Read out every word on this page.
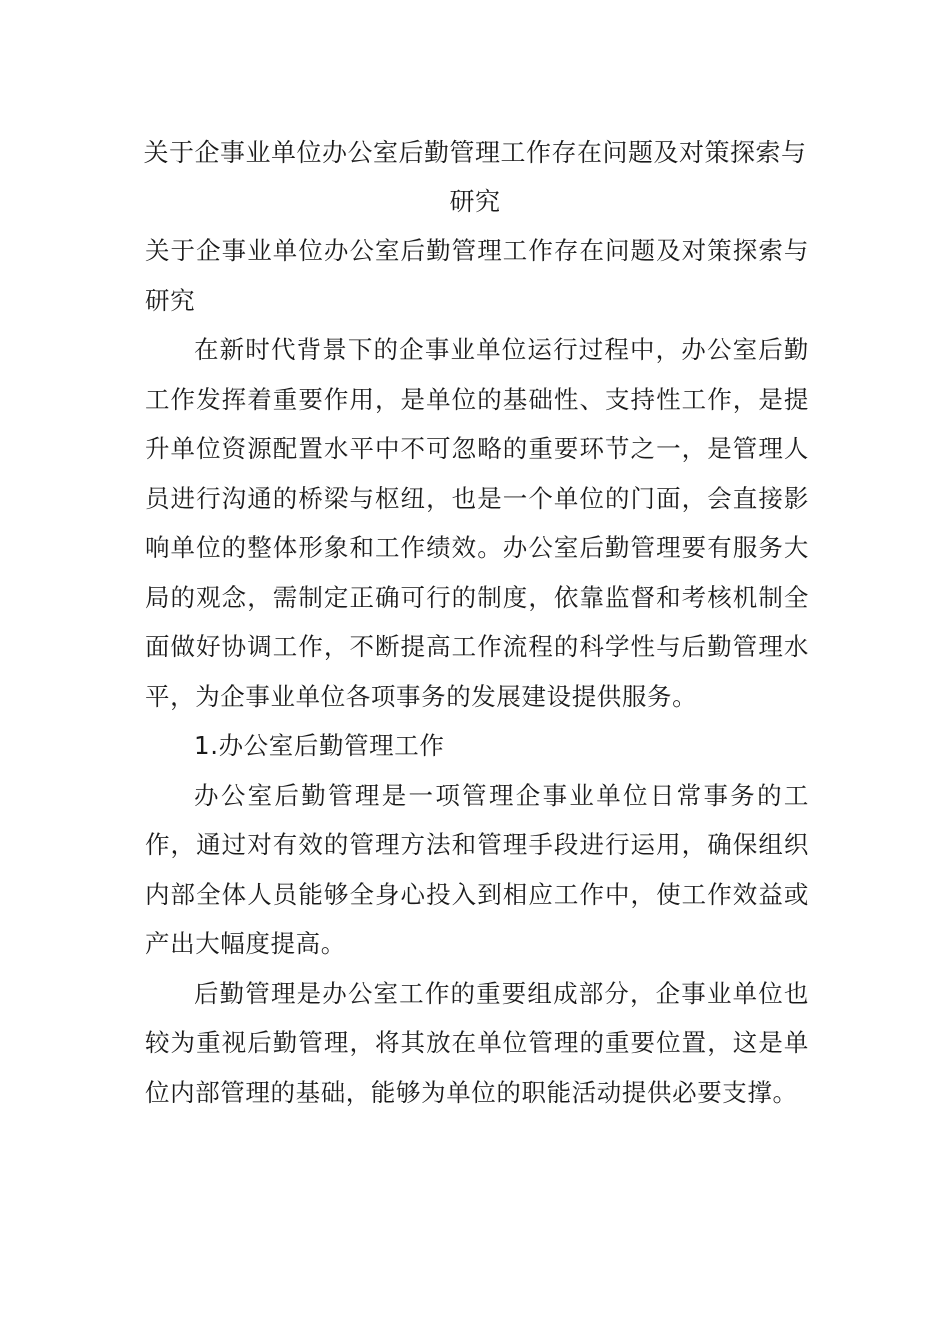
关于企事业单位办公室后勤管理工作存在问题及对策探索与研究

关于企事业单位办公室后勤管理工作存在问题及对策探索与研究

在新时代背景下的企事业单位运行过程中，办公室后勤工作发挥着重要作用，是单位的基础性、支持性工作，是提升单位资源配置水平中不可忽略的重要环节之一，是管理人员进行沟通的桥梁与枢纽，也是一个单位的门面，会直接影响单位的整体形象和工作绩效。办公室后勤管理要有服务大局的观念，需制定正确可行的制度，依靠监督和考核机制全面做好协调工作，不断提高工作流程的科学性与后勤管理水平，为企事业单位各项事务的发展建设提供服务。

1.办公室后勤管理工作

办公室后勤管理是一项管理企事业单位日常事务的工作，通过对有效的管理方法和管理手段进行运用，确保组织内部全体人员能够全身心投入到相应工作中，使工作效益或产出大幅度提高。

后勤管理是办公室工作的重要组成部分，企事业单位也较为重视后勤管理，将其放在单位管理的重要位置，这是单位内部管理的基础，能够为单位的职能活动提供必要支撑。
